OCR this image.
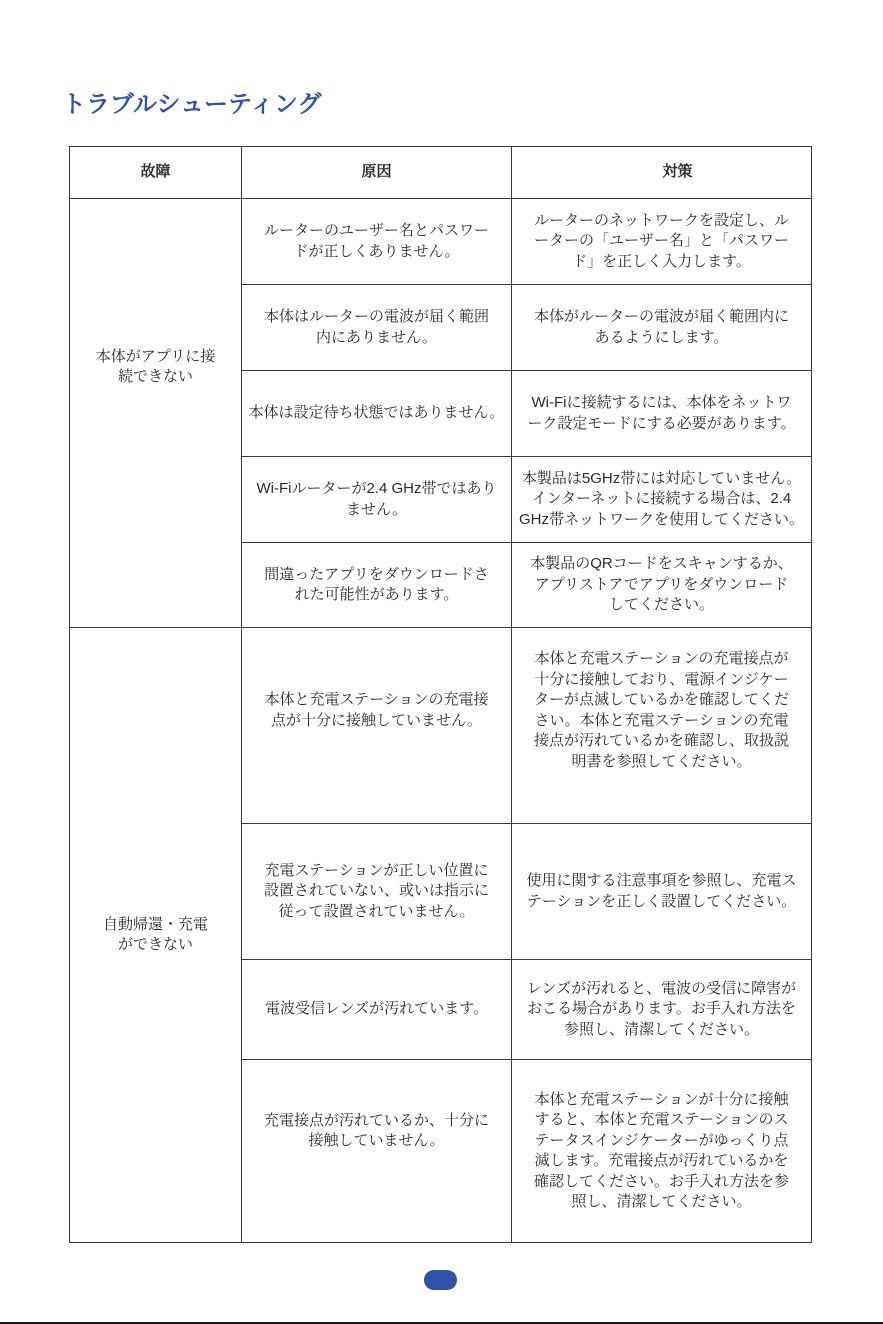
トラブルシューティング
故障	原因	対策
本体がアプリに接続できない	ルーターのユーザー名とパスワードが正しくありません。	ルーターのネットワークを設定し、ルーターの「ユーザー名」と「パスワード」を正しく入力します。
	本体はルーターの電波が届く範囲内にありません。	本体がルーターの電波が届く範囲内にあるようにします。
	本体は設定待ち状態ではありません。	Wi-Fiに接続するには、本体をネットワーク設定モードにする必要があります。
	Wi-Fiルーターが2.4 GHz帯ではありません。	本製品は5GHz帯には対応していません。インターネットに接続する場合は、2.4 GHz帯ネットワークを使用してください。
	間違ったアプリをダウンロードされた可能性があります。	本製品のQRコードをスキャンするか、アプリストアでアプリをダウンロードしてください。
自動帰還・充電ができない	本体と充電ステーションの充電接点が十分に接触していません。	本体と充電ステーションの充電接点が十分に接触しており、電源インジケーターが点滅しているかを確認してください。本体と充電ステーションの充電接点が汚れているかを確認し、取扱説明書を参照してください。
	充電ステーションが正しい位置に設置されていない、或いは指示に従って設置されていません。	使用に関する注意事項を参照し、充電ステーションを正しく設置してください。
	電波受信レンズが汚れています。	レンズが汚れると、電波の受信に障害がおこる場合があります。お手入れ方法を参照し、清潔してください。
	充電接点が汚れているか、十分に接触していません。	本体と充電ステーションが十分に接触すると、本体と充電ステーションのステータスインジケーターがゆっくり点滅します。充電接点が汚れているかを確認してください。お手入れ方法を参照し、清潔してください。
